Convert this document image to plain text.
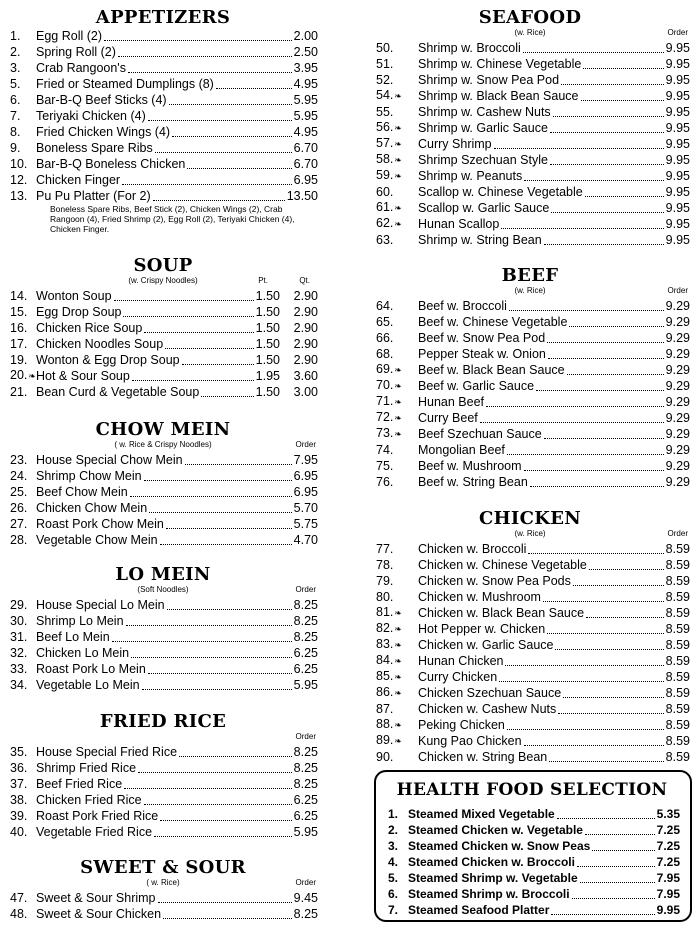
APPETIZERS
1.	Egg Roll (2)	2.00
2.	Spring Roll (2)	2.50
3.	Crab Rangoon's	3.95
5.	Fried or Steamed Dumplings (8)	4.95
6.	Bar-B-Q Beef Sticks (4)	5.95
7.	Teriyaki Chicken (4)	5.95
8.	Fried Chicken Wings (4)	4.95
9.	Boneless Spare Ribs	6.70
10. Bar-B-Q Boneless Chicken	6.70
12. Chicken Finger	6.95
13. Pu Pu Platter (For 2)	13.50
Boneless Spare Ribs, Beef Stick (2), Chicken Wings (2), Crab Rangoon (4), Fried Shrimp (2), Egg Roll (2), Teriyaki Chicken (4), Chicken Finger.
SOUP
(w. Crispy Noodles)	Pt.	Qt.
14. Wonton Soup	1.50	2.90
15. Egg Drop Soup	1.50	2.90
16. Chicken Rice Soup	1.50	2.90
17. Chicken Noodles Soup	1.50	2.90
19. Wonton & Egg Drop Soup	1.50	2.90
20.❧ Hot & Sour Soup	1.95	3.60
21. Bean Curd & Vegetable Soup	1.50	3.00
CHOW MEIN
( w. Rice & Crispy Noodles)	Order
23. House Special Chow Mein	7.95
24. Shrimp Chow Mein	6.95
25. Beef Chow Mein	6.95
26. Chicken Chow Mein	5.70
27. Roast Pork Chow Mein	5.75
28. Vegetable Chow Mein	4.70
LO MEIN
(Soft Noodles)	Order
29. House Special Lo Mein	8.25
30. Shrimp Lo Mein	8.25
31. Beef Lo Mein	8.25
32. Chicken Lo Mein	6.25
33. Roast Pork Lo Mein	6.25
34. Vegetable Lo Mein	5.95
FRIED RICE
Order
35. House Special Fried Rice	8.25
36. Shrimp Fried Rice	8.25
37. Beef Fried Rice	8.25
38. Chicken Fried Rice	6.25
39. Roast Pork Fried Rice	6.25
40. Vegetable Fried Rice	5.95
SWEET & SOUR
( w. Rice)	Order
47. Sweet & Sour Shrimp	9.45
48. Sweet & Sour Chicken	8.25
SEAFOOD
(w. Rice)	Order
50.	Shrimp w. Broccoli	9.95
51.	Shrimp w. Chinese Vegetable	9.95
52.	Shrimp w. Snow Pea Pod	9.95
54.❧	Shrimp w. Black Bean Sauce	9.95
55.	Shrimp w. Cashew Nuts	9.95
56.❧	Shrimp w. Garlic Sauce	9.95
57.❧	Curry Shrimp	9.95
58.❧	Shrimp Szechuan Style	9.95
59.❧	Shrimp w. Peanuts	9.95
60.	Scallop w. Chinese Vegetable	9.95
61.❧	Scallop w. Garlic Sauce	9.95
62.❧	Hunan Scallop	9.95
63.	Shrimp w. String Bean	9.95
BEEF
(w. Rice)	Order
64.	Beef w. Broccoli	9.29
65.	Beef w. Chinese Vegetable	9.29
66.	Beef w. Snow Pea Pod	9.29
68.	Pepper Steak w. Onion	9.29
69.❧	Beef w. Black Bean Sauce	9.29
70.❧	Beef w. Garlic Sauce	9.29
71.❧	Hunan Beef	9.29
72.❧	Curry Beef	9.29
73.❧	Beef Szechuan Sauce	9.29
74.	Mongolian Beef	9.29
75.	Beef w. Mushroom	9.29
76.	Beef w. String Bean	9.29
CHICKEN
(w. Rice)	Order
77.	Chicken w. Broccoli	8.59
78.	Chicken w. Chinese Vegetable	8.59
79.	Chicken w. Snow Pea Pods	8.59
80.	Chicken w. Mushroom	8.59
81.❧	Chicken w. Black Bean Sauce	8.59
82.❧	Hot Pepper w. Chicken	8.59
83.❧	Chicken w. Garlic Sauce	8.59
84.❧	Hunan Chicken	8.59
85.❧	Curry Chicken	8.59
86.❧	Chicken Szechuan Sauce	8.59
87.	Chicken w. Cashew Nuts	8.59
88.❧	Peking Chicken	8.59
89.❧	Kung Pao Chicken	8.59
90.	Chicken w. String Bean	8.59
HEALTH FOOD SELECTION
1. Steamed Mixed Vegetable	5.35
2. Steamed Chicken w. Vegetable	7.25
3. Steamed Chicken w. Snow Peas	7.25
4. Steamed Chicken w. Broccoli	7.25
5. Steamed Shrimp w. Vegetable	7.95
6. Steamed Shrimp w. Broccoli	7.95
7. Steamed Seafood Platter	9.95
